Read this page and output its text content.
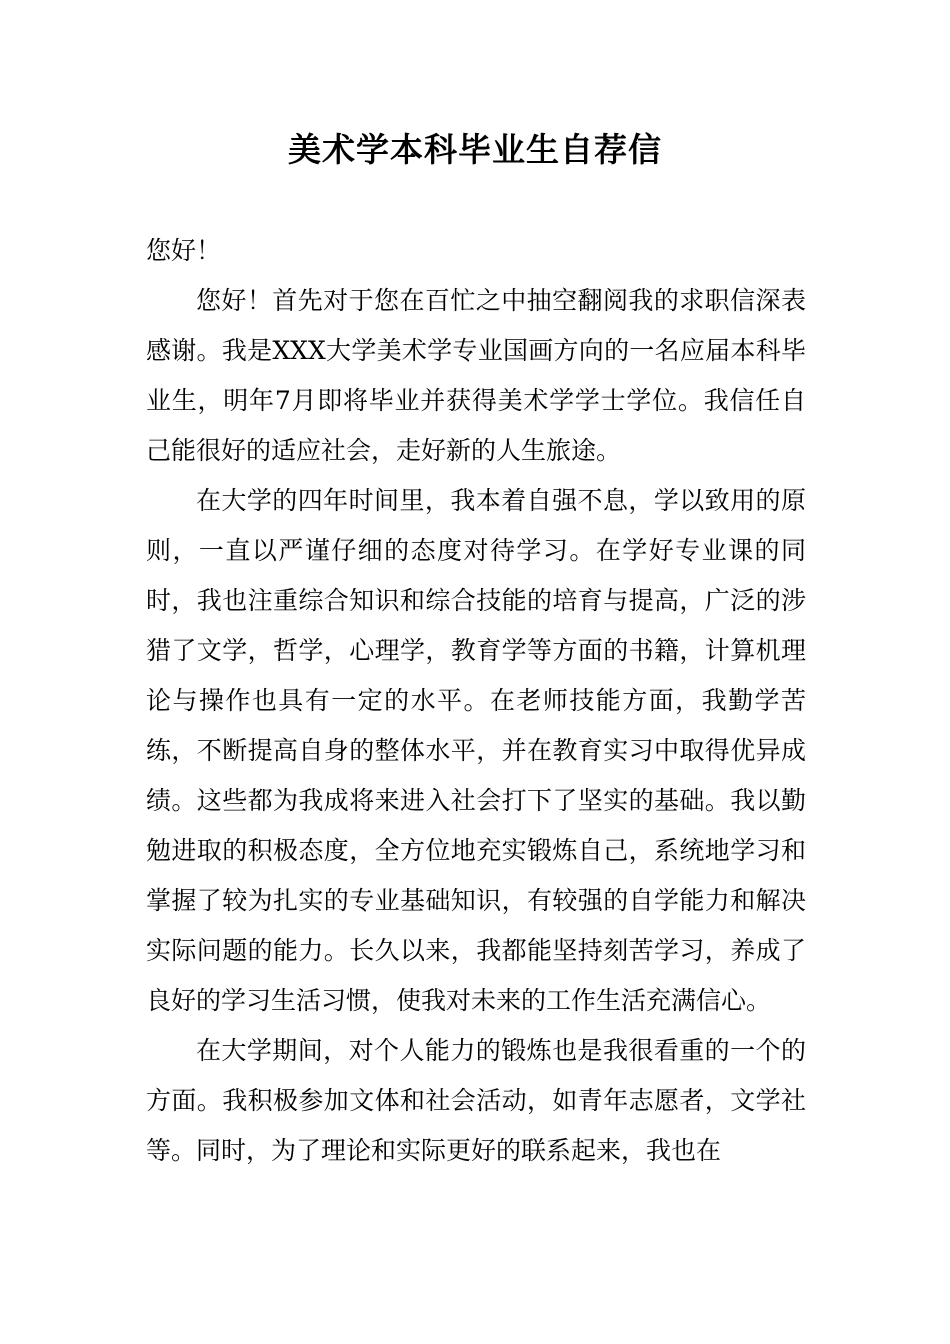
美术学本科毕业生自荐信

您好！

您好！首先对于您在百忙之中抽空翻阅我的求职信深表感谢。我是XXX大学美术学专业国画方向的一名应届本科毕业生，明年7月即将毕业并获得美术学学士学位。我信任自己能很好的适应社会，走好新的人生旅途。

在大学的四年时间里，我本着自强不息，学以致用的原则，一直以严谨仔细的态度对待学习。在学好专业课的同时，我也注重综合知识和综合技能的培育与提高，广泛的涉猎了文学，哲学，心理学，教育学等方面的书籍，计算机理论与操作也具有一定的水平。在老师技能方面，我勤学苦练，不断提高自身的整体水平，并在教育实习中取得优异成绩。这些都为我成将来进入社会打下了坚实的基础。我以勤勉进取的积极态度，全方位地充实锻炼自己，系统地学习和掌握了较为扎实的专业基础知识，有较强的自学能力和解决实际问题的能力。长久以来，我都能坚持刻苦学习，养成了良好的学习生活习惯，使我对未来的工作生活充满信心。

在大学期间，对个人能力的锻炼也是我很看重的一个的方面。我积极参加文体和社会活动，如青年志愿者，文学社等。同时，为了理论和实际更好的联系起来，我也在
